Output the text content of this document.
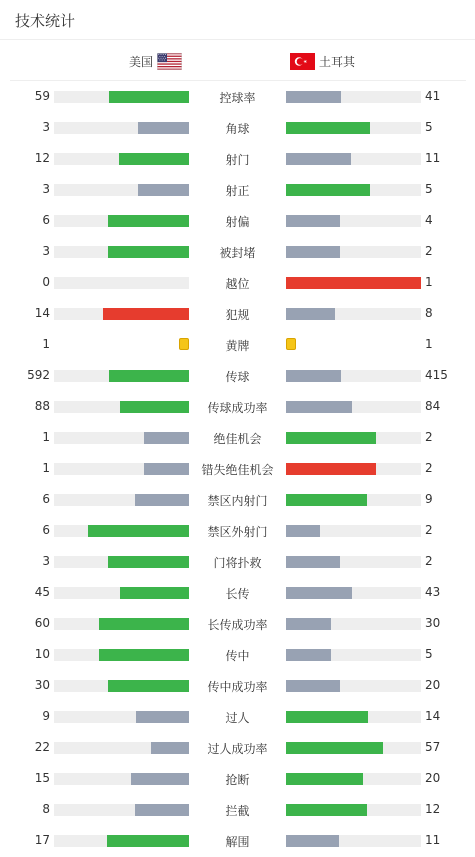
技术统计
美国	土耳其
59	控球率	41
3	角球	5
12	射门	11
3	射正	5
6	射偏	4
3	被封堵	2
0	越位	1
14	犯规	8
1	黄牌	1
592	传球	415
88	传球成功率	84
1	绝佳机会	2
1	错失绝佳机会	2
6	禁区内射门	9
6	禁区外射门	2
3	门将扑救	2
45	长传	43
60	长传成功率	30
10	传中	5
30	传中成功率	20
9	过人	14
22	过人成功率	57
15	抢断	20
8	拦截	12
17	解围	11
